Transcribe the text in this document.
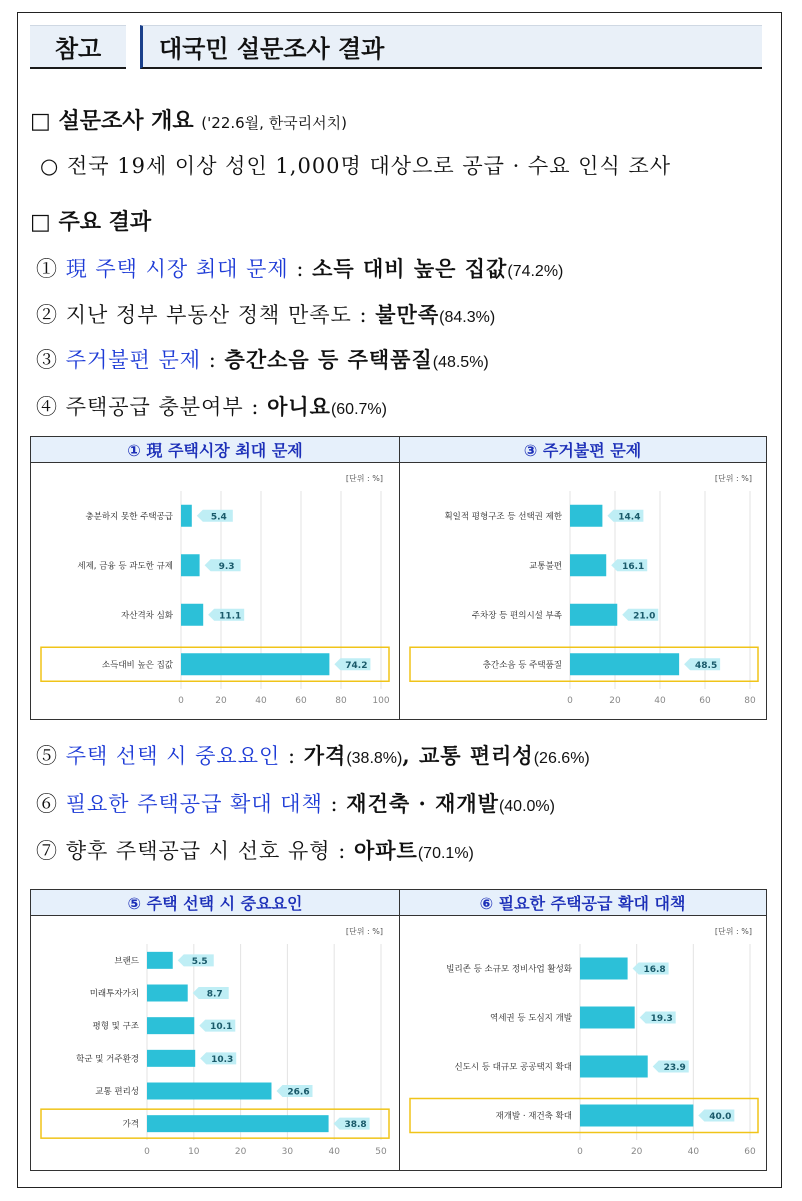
참고	대국민 설문조사 결과
□ 설문조사 개요 ('22.6월, 한국리서치)
○ 전국 19세 이상 성인 1,000명 대상으로 공급 · 수요 인식 조사
□ 주요 결과
① 現 주택 시장 최대 문제 : 소득 대비 높은 집값(74.2%)
② 지난 정부 부동산 정책 만족도 : 불만족(84.3%)
③ 주거불편 문제 : 층간소음 등 주택품질(48.5%)
④ 주택공급 충분여부 : 아니요(60.7%)
① 現 주택시장 최대 문제	③ 주거불편 문제
[단위 : %]
0	20	40	60	80	100
충분하지 못한 주택공급	5.4
세제, 금융 등 과도한 규제	9.3
자산격차 심화	11.1
소득대비 높은 집값	74.2
[단위 : %]
0	20	40	60	80
획일적 평형구조 등 선택권 제한	14.4
교통불편	16.1
주차장 등 편의시설 부족	21.0
층간소음 등 주택품질	48.5
⑤ 주택 선택 시 중요요인 : 가격(38.8%), 교통 편리성(26.6%)
⑥ 필요한 주택공급 확대 대책 : 재건축 · 재개발(40.0%)
⑦ 향후 주택공급 시 선호 유형 : 아파트(70.1%)
⑤ 주택 선택 시 중요요인	⑥ 필요한 주택공급 확대 대책
[단위 : %]
0	10	20	30	40	50
브랜드	5.5
미래투자가치	8.7
평형 및 구조	10.1
학군 및 거주환경	10.3
교통 편리성	26.6
가격	38.8
[단위 : %]
0	20	40	60
빌리존 등 소규모 정비사업 활성화	16.8
역세권 등 도심지 개발	19.3
신도시 등 대규모 공공택지 확대	23.9
재개발 · 재건축 확대	40.0
